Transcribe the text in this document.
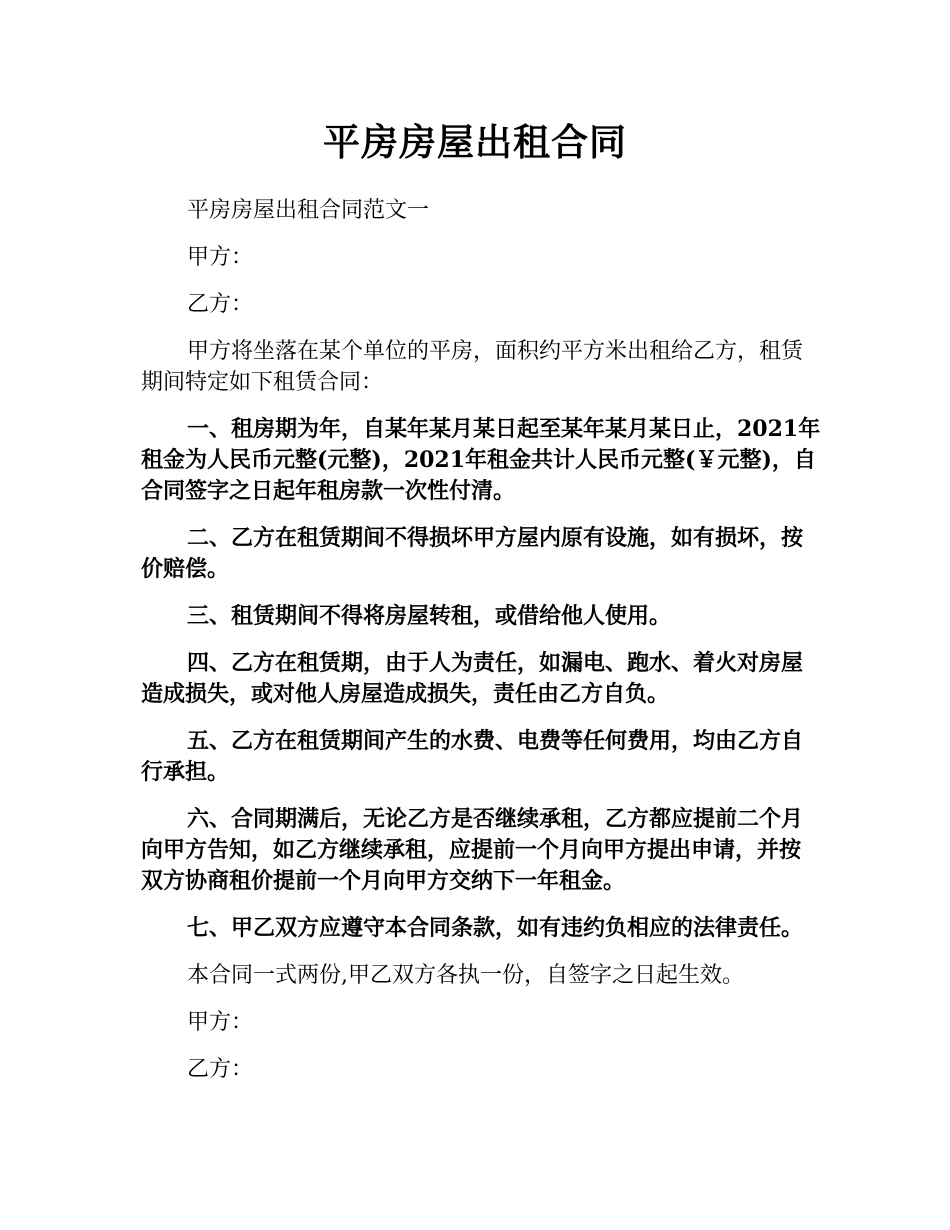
平房房屋出租合同

平房房屋出租合同范文一

甲方：

乙方：

甲方将坐落在某个单位的平房，面积约平方米出租给乙方，租赁期间特定如下租赁合同：

一、租房期为年，自某年某月某日起至某年某月某日止，2021年租金为人民币元整(元整)，2021年租金共计人民币元整(￥元整)，自合同签字之日起年租房款一次性付清。

二、乙方在租赁期间不得损坏甲方屋内原有设施，如有损坏，按价赔偿。

三、租赁期间不得将房屋转租，或借给他人使用。

四、乙方在租赁期，由于人为责任，如漏电、跑水、着火对房屋造成损失，或对他人房屋造成损失，责任由乙方自负。

五、乙方在租赁期间产生的水费、电费等任何费用，均由乙方自行承担。

六、合同期满后，无论乙方是否继续承租，乙方都应提前二个月向甲方告知，如乙方继续承租，应提前一个月向甲方提出申请，并按双方协商租价提前一个月向甲方交纳下一年租金。

七、甲乙双方应遵守本合同条款，如有违约负相应的法律责任。

本合同一式两份,甲乙双方各执一份，自签字之日起生效。

甲方：

乙方：
